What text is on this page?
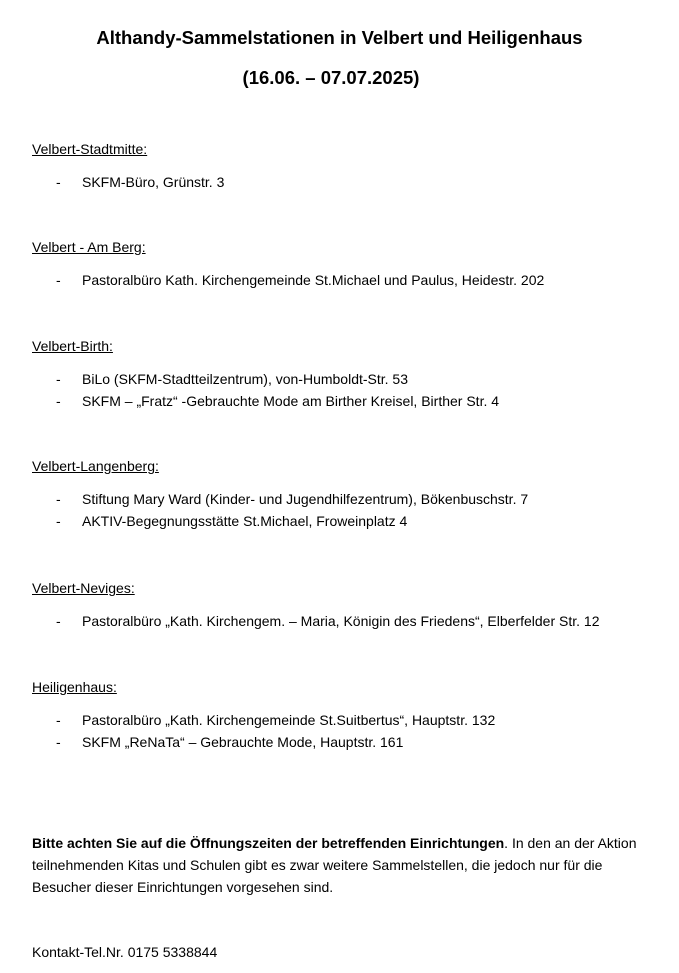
Althandy-Sammelstationen in Velbert und Heiligenhaus
(16.06. – 07.07.2025)

Velbert-Stadtmitte:

- SKFM-Büro, Grünstr. 3

Velbert - Am Berg:

- Pastoralbüro Kath. Kirchengemeinde St.Michael und Paulus, Heidestr. 202

Velbert-Birth:

- BiLo (SKFM-Stadtteilzentrum), von-Humboldt-Str. 53
- SKFM – „Fratz“ -Gebrauchte Mode am Birther Kreisel, Birther Str. 4

Velbert-Langenberg:

- Stiftung Mary Ward (Kinder- und Jugendhilfezentrum), Bökenbuschstr. 7
- AKTIV-Begegnungsstätte St.Michael, Froweinplatz 4

Velbert-Neviges:

- Pastoralbüro „Kath. Kirchengem. – Maria, Königin des Friedens“, Elberfelder Str. 12

Heiligenhaus:

- Pastoralbüro „Kath. Kirchengemeinde St.Suitbertus“, Hauptstr. 132
- SKFM „ReNaTa“ – Gebrauchte Mode, Hauptstr. 161

Bitte achten Sie auf die Öffnungszeiten der betreffenden Einrichtungen. In den an der Aktion teilnehmenden Kitas und Schulen gibt es zwar weitere Sammelstellen, die jedoch nur für die Besucher dieser Einrichtungen vorgesehen sind.

Kontakt-Tel.Nr. 0175 5338844
